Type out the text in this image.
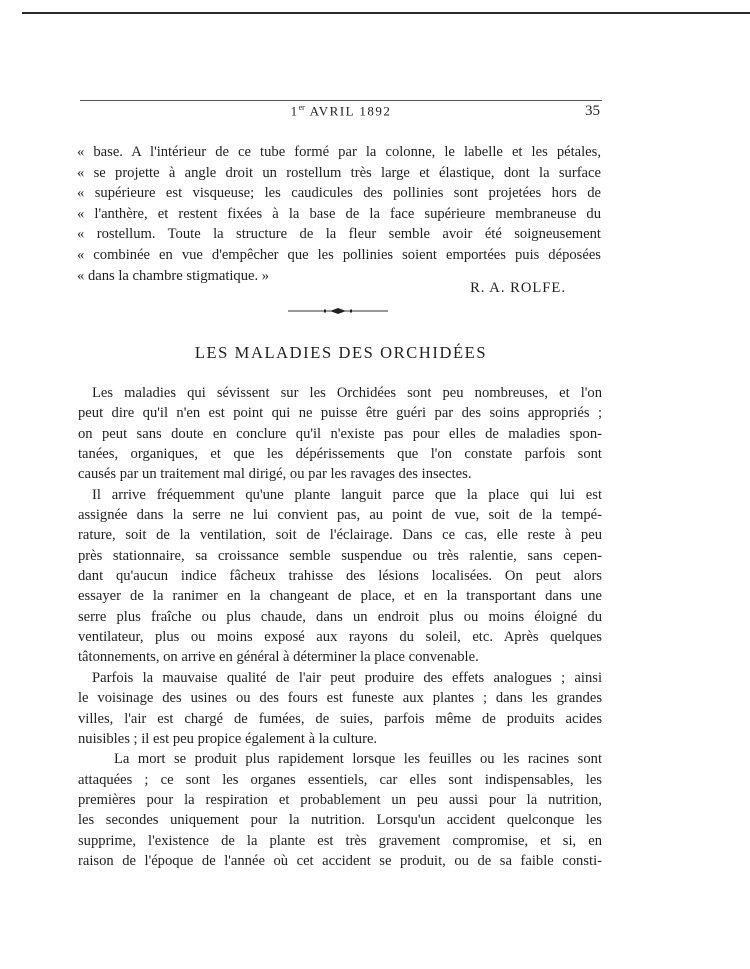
1er AVRIL 1892	35
« base. A l'intérieur de ce tube formé par la colonne, le labelle et les pétales,
« se projette à angle droit un rostellum très large et élastique, dont la surface
« supérieure est visqueuse; les caudicules des pollinies sont projetées hors de
« l'anthère, et restent fixées à la base de la face supérieure membraneuse du
« rostellum. Toute la structure de la fleur semble avoir été soigneusement
« combinée en vue d'empêcher que les pollinies soient emportées puis déposées
« dans la chambre stigmatique. »
R. A. ROLFE.
LES MALADIES DES ORCHIDÉES
Les maladies qui sévissent sur les Orchidées sont peu nombreuses, et l'on
peut dire qu'il n'en est point qui ne puisse être guéri par des soins appropriés ;
on peut sans doute en conclure qu'il n'existe pas pour elles de maladies spon-
tanées, organiques, et que les dépérissements que l'on constate parfois sont
causés par un traitement mal dirigé, ou par les ravages des insectes.
Il arrive fréquemment qu'une plante languit parce que la place qui lui est
assignée dans la serre ne lui convient pas, au point de vue, soit de la tempé-
rature, soit de la ventilation, soit de l'éclairage. Dans ce cas, elle reste à peu
près stationnaire, sa croissance semble suspendue ou très ralentie, sans cepen-
dant qu'aucun indice fâcheux trahisse des lésions localisées. On peut alors
essayer de la ranimer en la changeant de place, et en la transportant dans une
serre plus fraîche ou plus chaude, dans un endroit plus ou moins éloigné du
ventilateur, plus ou moins exposé aux rayons du soleil, etc. Après quelques
tâtonnements, on arrive en général à déterminer la place convenable.
Parfois la mauvaise qualité de l'air peut produire des effets analogues ; ainsi
le voisinage des usines ou des fours est funeste aux plantes ; dans les grandes
villes, l'air est chargé de fumées, de suies, parfois même de produits acides
nuisibles ; il est peu propice également à la culture.
La mort se produit plus rapidement lorsque les feuilles ou les racines sont
attaquées ; ce sont les organes essentiels, car elles sont indispensables, les
premières pour la respiration et probablement un peu aussi pour la nutrition,
les secondes uniquement pour la nutrition. Lorsqu'un accident quelconque les
supprime, l'existence de la plante est très gravement compromise, et si, en
raison de l'époque de l'année où cet accident se produit, ou de sa faible consti-
